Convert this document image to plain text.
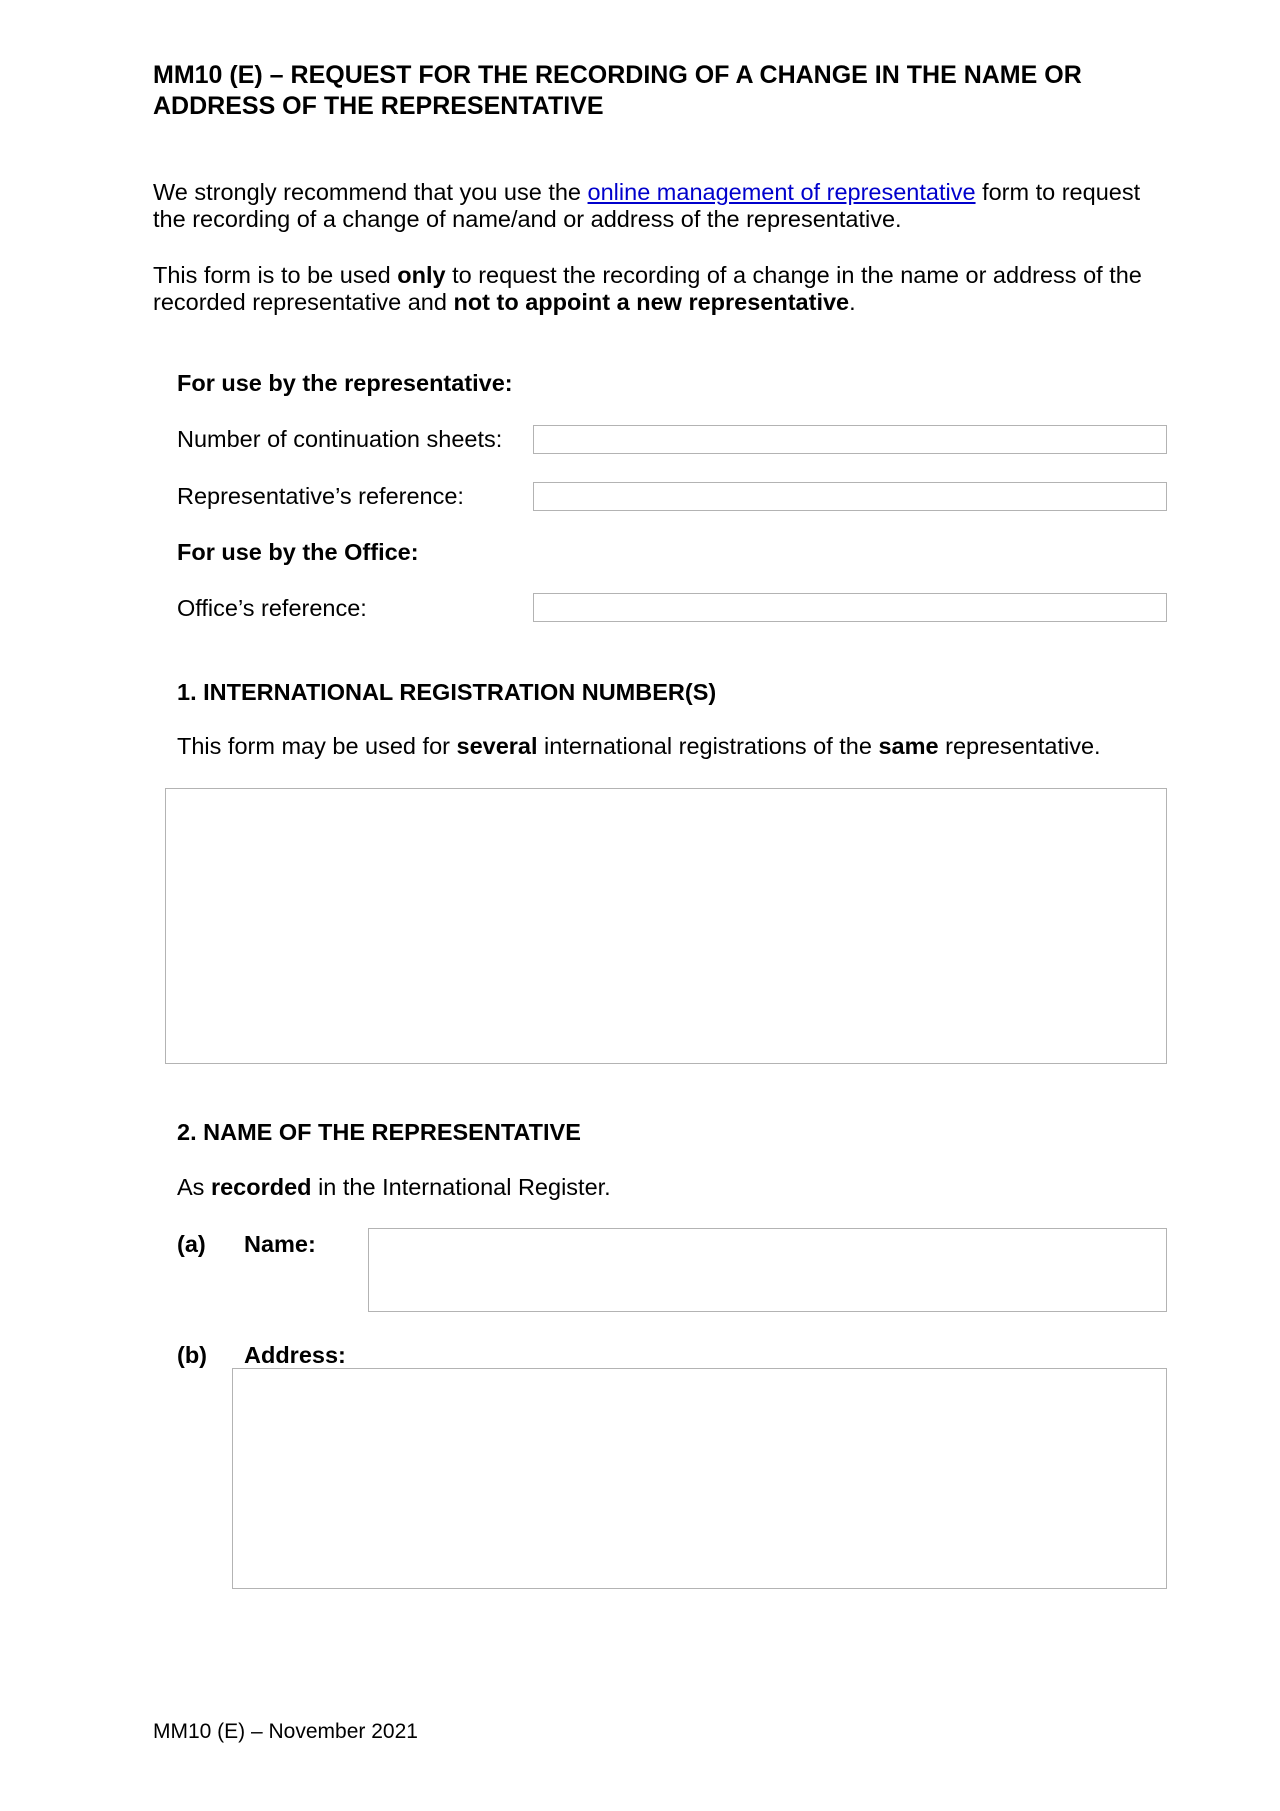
MM10 (E) – REQUEST FOR THE RECORDING OF A CHANGE IN THE NAME OR ADDRESS OF THE REPRESENTATIVE

We strongly recommend that you use the online management of representative form to request the recording of a change of name/and or address of the representative.

This form is to be used only to request the recording of a change in the name or address of the recorded representative and not to appoint a new representative.

For use by the representative:
Number of continuation sheets:
Representative’s reference:
For use by the Office:
Office’s reference:
1. INTERNATIONAL REGISTRATION NUMBER(S)
This form may be used for several international registrations of the same representative.
2. NAME OF THE REPRESENTATIVE
As recorded in the International Register.
(a) Name:
(b) Address:
MM10 (E) – November 2021
